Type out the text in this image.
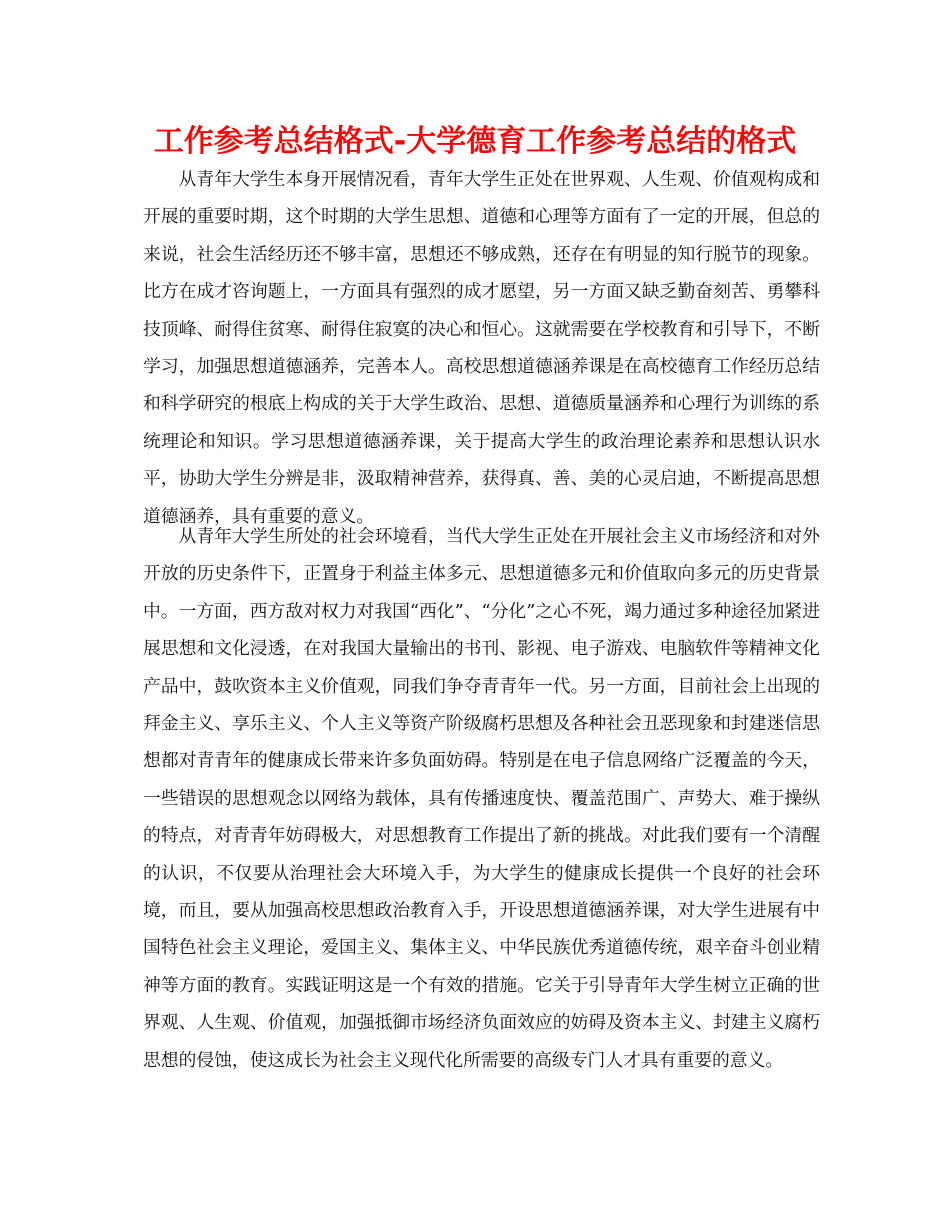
工作参考总结格式-大学德育工作参考总结的格式

从青年大学生本身开展情况看，青年大学生正处在世界观、人生观、价值观构成和开展的重要时期，这个时期的大学生思想、道德和心理等方面有了一定的开展，但总的来说，社会生活经历还不够丰富，思想还不够成熟，还存在有明显的知行脱节的现象。比方在成才咨询题上，一方面具有强烈的成才愿望，另一方面又缺乏勤奋刻苦、勇攀科技顶峰、耐得住贫寒、耐得住寂寞的决心和恒心。这就需要在学校教育和引导下，不断学习，加强思想道德涵养，完善本人。高校思想道德涵养课是在高校德育工作经历总结和科学研究的根底上构成的关于大学生政治、思想、道德质量涵养和心理行为训练的系统理论和知识。学习思想道德涵养课，关于提高大学生的政治理论素养和思想认识水平，协助大学生分辨是非，汲取精神营养，获得真、善、美的心灵启迪，不断提高思想道德涵养，具有重要的意义。

从青年大学生所处的社会环境看，当代大学生正处在开展社会主义市场经济和对外开放的历史条件下，正置身于利益主体多元、思想道德多元和价值取向多元的历史背景中。一方面，西方敌对权力对我国“西化”、“分化”之心不死，竭力通过多种途径加紧进展思想和文化浸透，在对我国大量输出的书刊、影视、电子游戏、电脑软件等精神文化产品中，鼓吹资本主义价值观，同我们争夺青青年一代。另一方面，目前社会上出现的拜金主义、享乐主义、个人主义等资产阶级腐朽思想及各种社会丑恶现象和封建迷信思想都对青青年的健康成长带来许多负面妨碍。特别是在电子信息网络广泛覆盖的今天，一些错误的思想观念以网络为载体，具有传播速度快、覆盖范围广、声势大、难于操纵的特点，对青青年妨碍极大，对思想教育工作提出了新的挑战。对此我们要有一个清醒的认识，不仅要从治理社会大环境入手，为大学生的健康成长提供一个良好的社会环境，而且，要从加强高校思想政治教育入手，开设思想道德涵养课，对大学生进展有中国特色社会主义理论，爱国主义、集体主义、中华民族优秀道德传统，艰辛奋斗创业精神等方面的教育。实践证明这是一个有效的措施。它关于引导青年大学生树立正确的世界观、人生观、价值观，加强抵御市场经济负面效应的妨碍及资本主义、封建主义腐朽思想的侵蚀，使这成长为社会主义现代化所需要的高级专门人才具有重要的意义。
